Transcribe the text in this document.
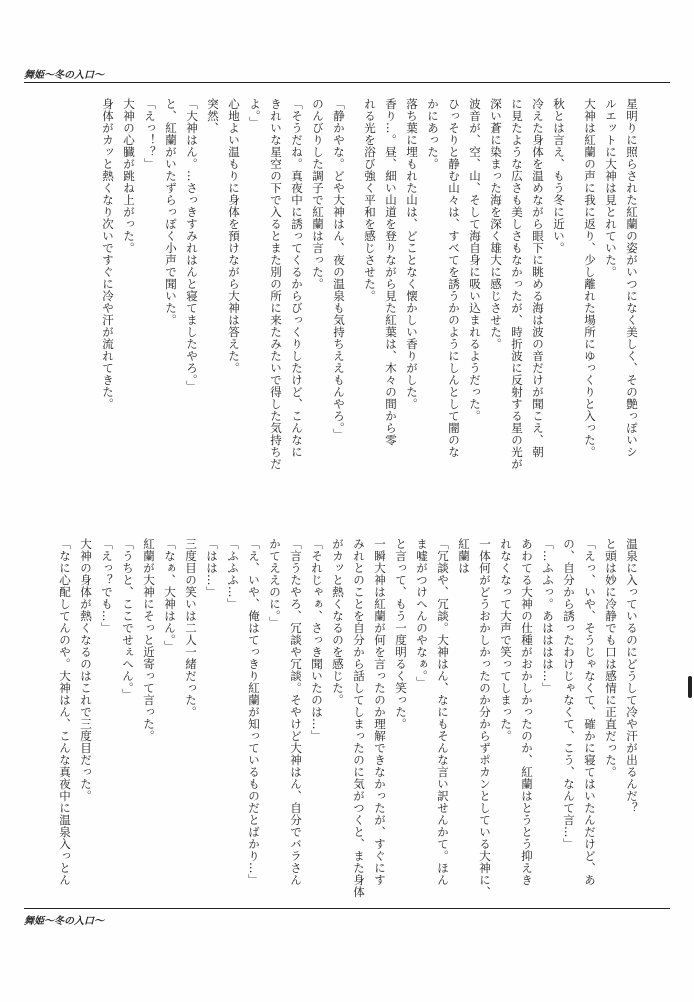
舞姫〜冬の入口〜
星明りに照らされた紅蘭の姿がいつになく美しく、その艶っぽいシ
ルエットに大神は見とれていた。
大神は紅蘭の声に我に返り、少し離れた場所にゆっくりと入った。
秋とは言え、もう冬に近い。
冷えた身体を温めながら眼下に眺める海は波の音だけが聞こえ、朝
に見たような広さも美しさもなかったが、時折波に反射する星の光が
深い蒼に染まった海を深く雄大に感じさせた。
波音が、空、山、そして海自身に吸い込まれるようだった。
ひっそりと静む山々は、すべてを誘うかのようにしんとして闇のな
かにあった。
落ち葉に埋もれた山は、どことなく懐かしい香りがした。
香り…。昼、細い山道を登りながら見た紅葉は、木々の間から零
れる光を浴び強く平和を感じさせた。
「静かやな。どや大神はん、夜の温泉も気持ちええもんやろ。」
のんびりした調子で紅蘭は言った。
「そうだね。真夜中に誘ってくるからびっくりしたけど、こんなに
きれいな星空の下で入るとまた別の所に来たみたいで得した気持ちだ
よ。」
心地よい温もりに身体を預けながら大神は答えた。
突然、
「大神はん。…さっきすみれはんと寝てましたやろ。」
と、紅蘭がいたずらっぽく小声で聞いた。
「えっ！？」
大神の心臓が跳ね上がった。
身体がカッと熱くなり次いですぐに冷や汗が流れてきた。
温泉に入っているのにどうして冷や汗が出るんだ？
と頭は妙に冷静でも口は感情に正直だった。
「えっ、いや、そうじゃなくて、確かに寝てはいたんだけど、あ
の、自分から誘ったわけじゃなくて、こう、なんて言…」
「…ふふっ。あはははは…」
あわてる大神の仕種がおかしかったのか、紅蘭はとうとう抑えき
れなくなって大声で笑ってしまった。
一体何がどうおかしかったのか分からずポカンとしている大神に、
紅蘭は
「冗談や、冗談。大神はん、なにもそんな言い訳せんかて。ほん
ま嘘がつけへんのやなぁ。」
と言って、もう一度明るく笑った。
一瞬大神は紅蘭が何を言ったのか理解できなかったが、すぐにす
みれとのことを自分から話してしまったのに気がつくと、また身体
がカッと熱くなるのを感じた。
「それじゃぁ、さっき聞いたのは…」
「言うたやろ、冗談や冗談。そやけど大神はん、自分でバラさん
かてええのに。」
「え、いや、俺はてっきり紅蘭が知っているものだとばかり…」
「ふふふ…」
「はは…」
三度目の笑いは二人一緒だった。
「なぁ、大神はん。」
紅蘭が大神にそっと近寄って言った。
「うちと、ここでせぇへん。」
「えっ？でも…」
大神の身体が熱くなるのはこれで三度目だった。
「なに心配してんのや。大神はん、こんな真夜中に温泉入っとん
舞姫〜冬の入口〜
